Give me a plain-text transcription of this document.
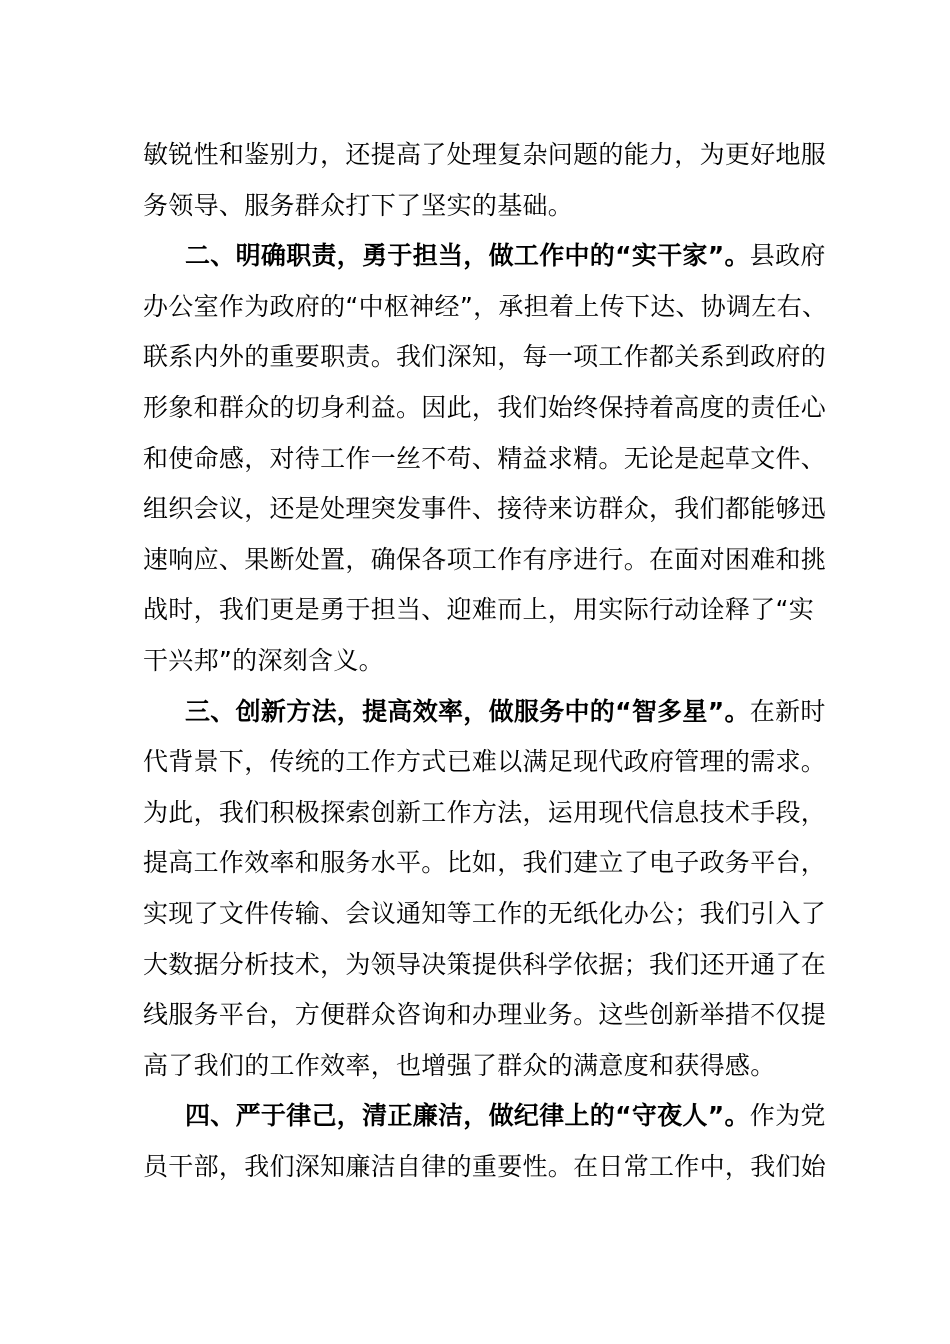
敏锐性和鉴别力，还提高了处理复杂问题的能力，为更好地服
务领导、服务群众打下了坚实的基础。

二、明确职责，勇于担当，做工作中的“实干家”。县政府
办公室作为政府的“中枢神经”，承担着上传下达、协调左右、
联系内外的重要职责。我们深知，每一项工作都关系到政府的
形象和群众的切身利益。因此，我们始终保持着高度的责任心
和使命感，对待工作一丝不苟、精益求精。无论是起草文件、
组织会议，还是处理突发事件、接待来访群众，我们都能够迅
速响应、果断处置，确保各项工作有序进行。在面对困难和挑
战时，我们更是勇于担当、迎难而上，用实际行动诠释了“实
干兴邦”的深刻含义。

三、创新方法，提高效率，做服务中的“智多星”。在新时
代背景下，传统的工作方式已难以满足现代政府管理的需求。
为此，我们积极探索创新工作方法，运用现代信息技术手段，
提高工作效率和服务水平。比如，我们建立了电子政务平台，
实现了文件传输、会议通知等工作的无纸化办公；我们引入了
大数据分析技术，为领导决策提供科学依据；我们还开通了在
线服务平台，方便群众咨询和办理业务。这些创新举措不仅提
高了我们的工作效率，也增强了群众的满意度和获得感。

四、严于律己，清正廉洁，做纪律上的“守夜人”。作为党
员干部，我们深知廉洁自律的重要性。在日常工作中，我们始
